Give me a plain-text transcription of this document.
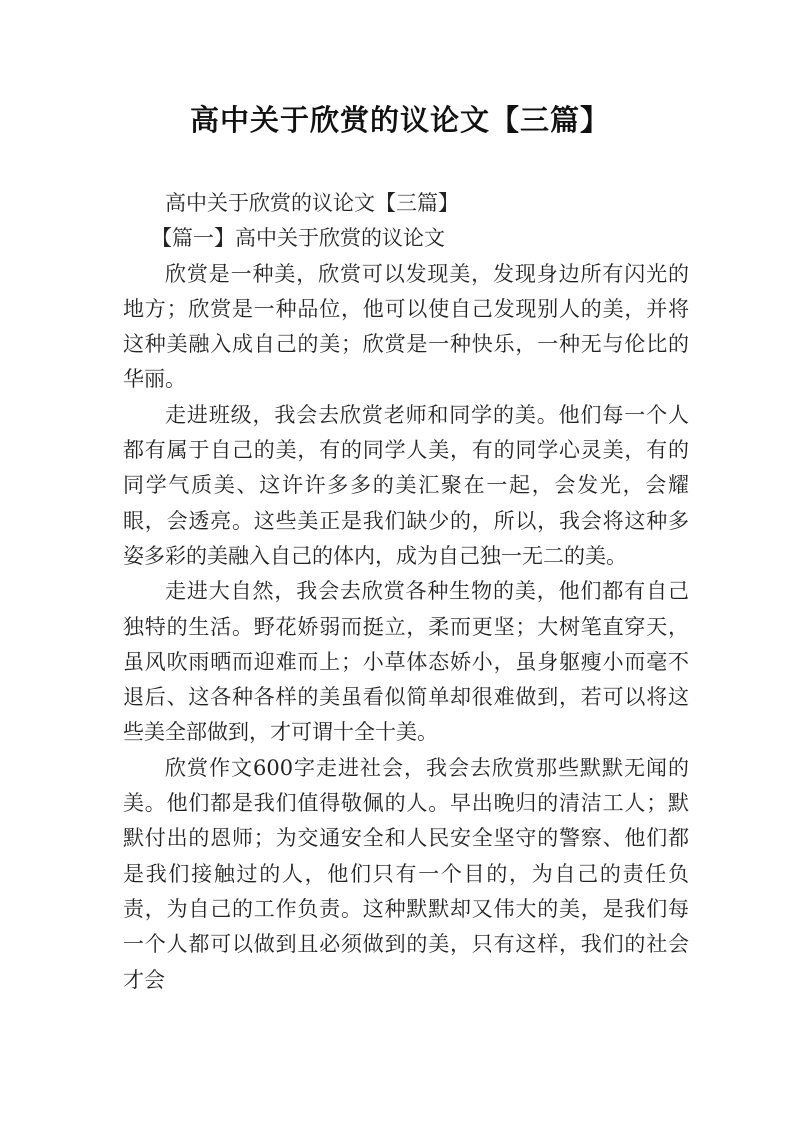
高中关于欣赏的议论文【三篇】

高中关于欣赏的议论文【三篇】

【篇一】高中关于欣赏的议论文

欣赏是一种美，欣赏可以发现美，发现身边所有闪光的地方；欣赏是一种品位，他可以使自己发现别人的美，并将这种美融入成自己的美；欣赏是一种快乐，一种无与伦比的华丽。

走进班级，我会去欣赏老师和同学的美。他们每一个人都有属于自己的美，有的同学人美，有的同学心灵美，有的同学气质美、这许许多多的美汇聚在一起，会发光，会耀眼，会透亮。这些美正是我们缺少的，所以，我会将这种多姿多彩的美融入自己的体内，成为自己独一无二的美。

走进大自然，我会去欣赏各种生物的美，他们都有自己独特的生活。野花娇弱而挺立，柔而更坚；大树笔直穿天，虽风吹雨晒而迎难而上；小草体态娇小，虽身躯瘦小而毫不退后、这各种各样的美虽看似简单却很难做到，若可以将这些美全部做到，才可谓十全十美。

欣赏作文600字走进社会，我会去欣赏那些默默无闻的美。他们都是我们值得敬佩的人。早出晚归的清洁工人；默默付出的恩师；为交通安全和人民安全坚守的警察、他们都是我们接触过的人，他们只有一个目的，为自己的责任负责，为自己的工作负责。这种默默却又伟大的美，是我们每一个人都可以做到且必须做到的美，只有这样，我们的社会才会
